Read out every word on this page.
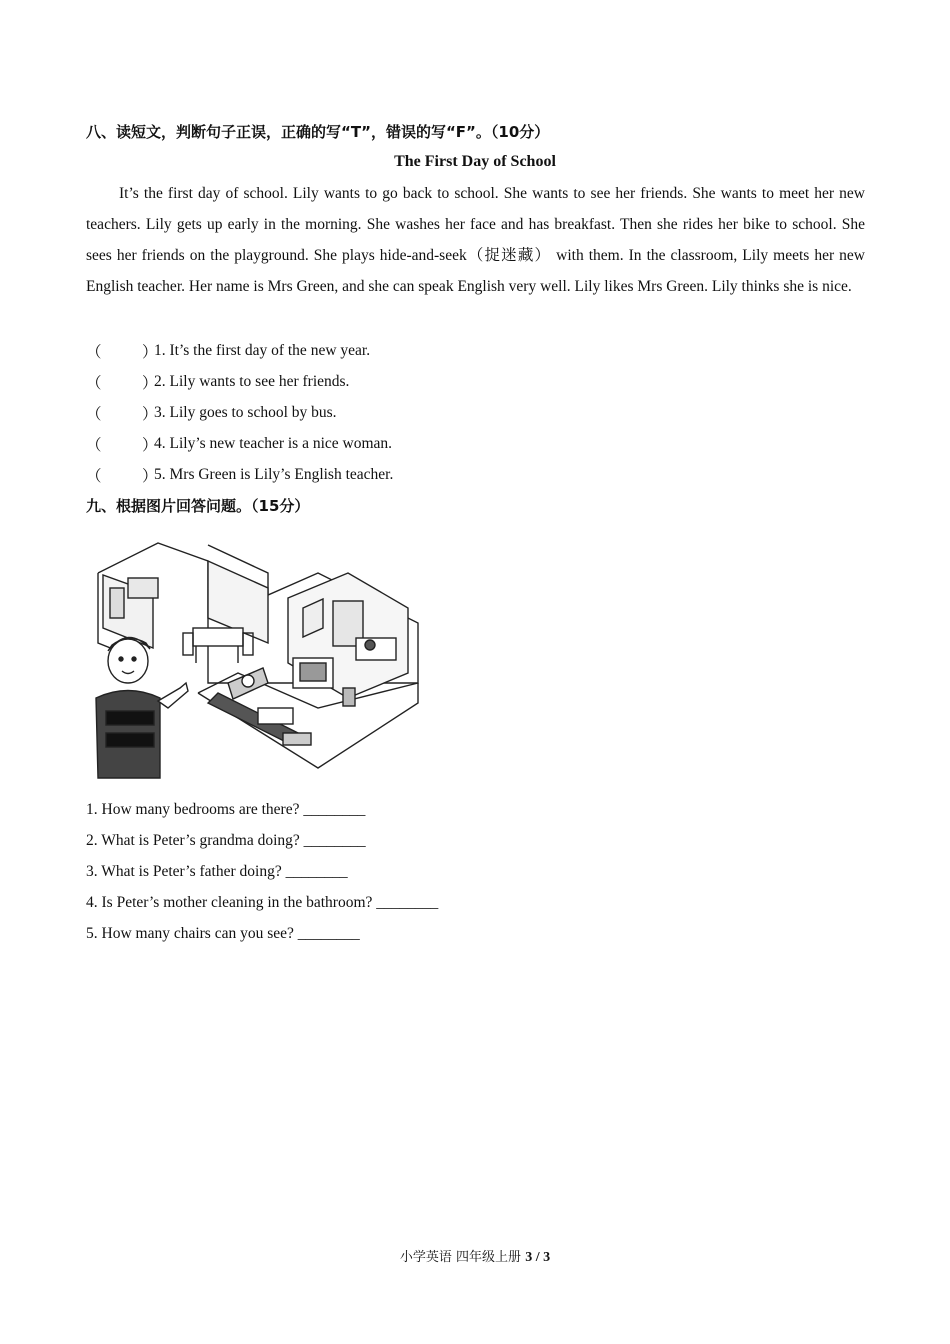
八、读短文，判断句子正误，正确的写“T”，错误的写“F”。（10分）
The First Day of School
It’s the first day of school. Lily wants to go back to school. She wants to see her friends. She wants to meet her new teachers. Lily gets up early in the morning. She washes her face and has breakfast. Then she rides her bike to school. She sees her friends on the playground. She plays hide-and-seek（捉迷藏） with them. In the classroom, Lily meets her new English teacher. Her name is Mrs Green, and she can speak English very well. Lily likes Mrs Green. Lily thinks she is nice.
（	）
1. It’s the first day of the new year.
（	）
2. Lily wants to see her friends.
（	）
3. Lily goes to school by bus.
（	）
4. Lily’s new teacher is a nice woman.
（	）
5. Mrs Green is Lily’s English teacher.
九、根据图片回答问题。（15分）
1. How many bedrooms are there? ________
2. What is Peter’s grandma doing? ________
3. What is Peter’s father doing? ________
4. Is Peter’s mother cleaning in the bathroom? ________
5. How many chairs can you see? ________
小学英语 四年级上册 3 / 3
